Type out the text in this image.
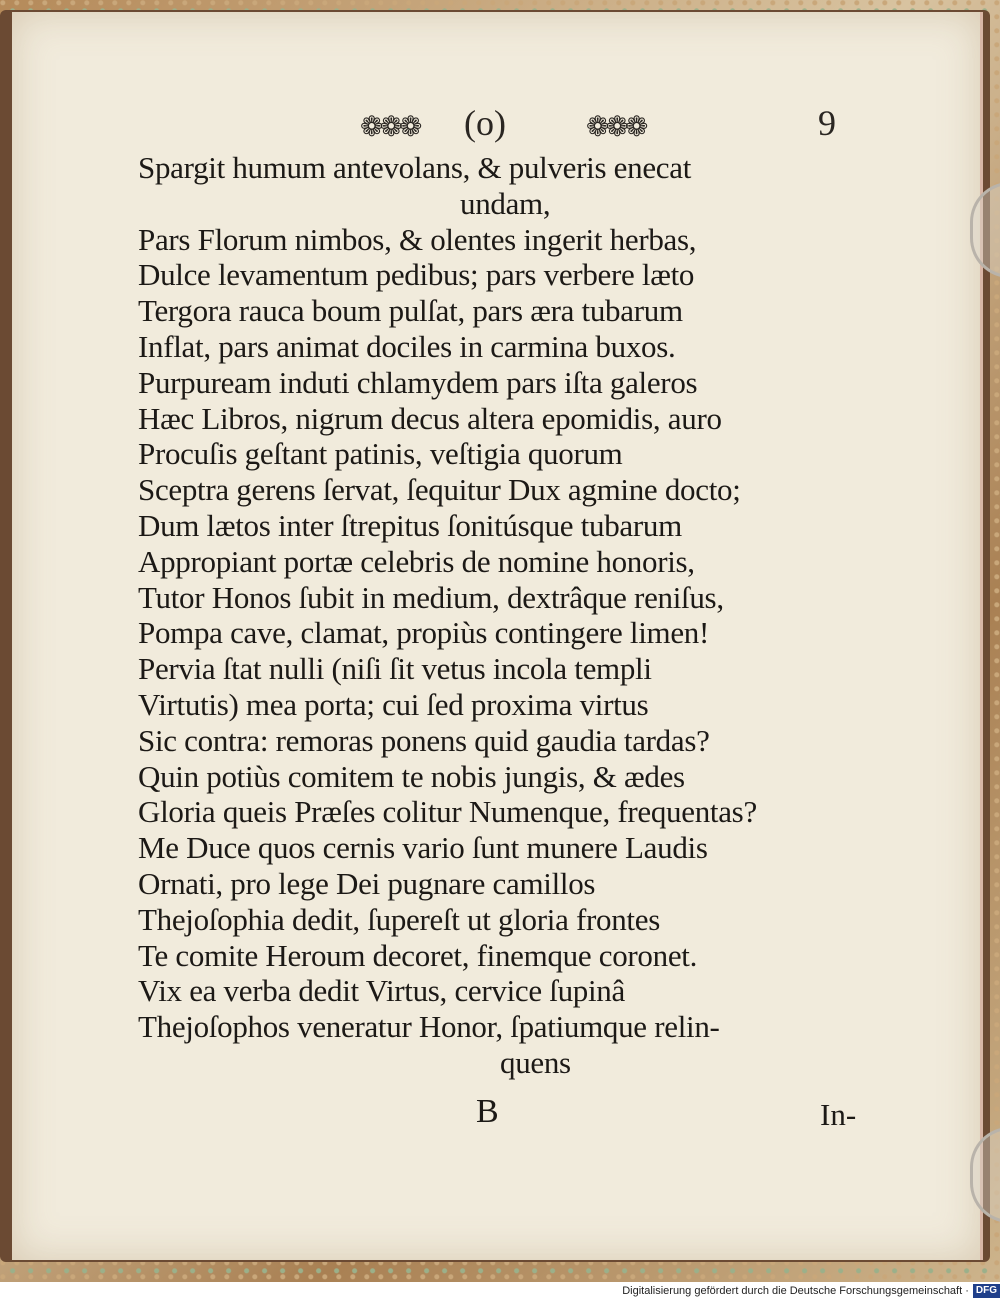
❁❁❁ (o)	❁❁❁	9
Spargit humum antevolans, & pulveris enecat
undam,
Pars Florum nimbos, & olentes ingerit herbas,
Dulce levamentum pedibus; pars verbere læto
Tergora rauca boum pulſat, pars æra tubarum
Inflat, pars animat dociles in carmina buxos.
Purpuream induti chlamydem pars iſta galeros
Hæc Libros, nigrum decus altera epomidis, auro
Procuſis geſtant patinis, veſtigia quorum
Sceptra gerens ſervat, ſequitur Dux agmine docto;
Dum lætos inter ſtrepitus ſonitúsque tubarum
Appropiant portæ celebris de nomine honoris,
Tutor Honos ſubit in medium, dextrâque reniſus,
Pompa cave, clamat, propiùs contingere limen!
Pervia ſtat nulli (niſi ſit vetus incola templi
Virtutis) mea porta; cui ſed proxima virtus
Sic contra: remoras ponens quid gaudia tardas?
Quin potiùs comitem te nobis jungis, & ædes
Gloria queis Præſes colitur Numenque, frequentas?
Me Duce quos cernis vario ſunt munere Laudis
Ornati, pro lege Dei pugnare camillos
Thejoſophia dedit, ſupereſt ut gloria frontes
Te comite Heroum decoret, finemque coronet.
Vix ea verba dedit Virtus, cervice ſupinâ
Thejoſophos veneratur Honor, ſpatiumque relin-
quens
B	In-
Digitalisierung gefördert durch die Deutsche Forschungsgemeinschaft · DFG
